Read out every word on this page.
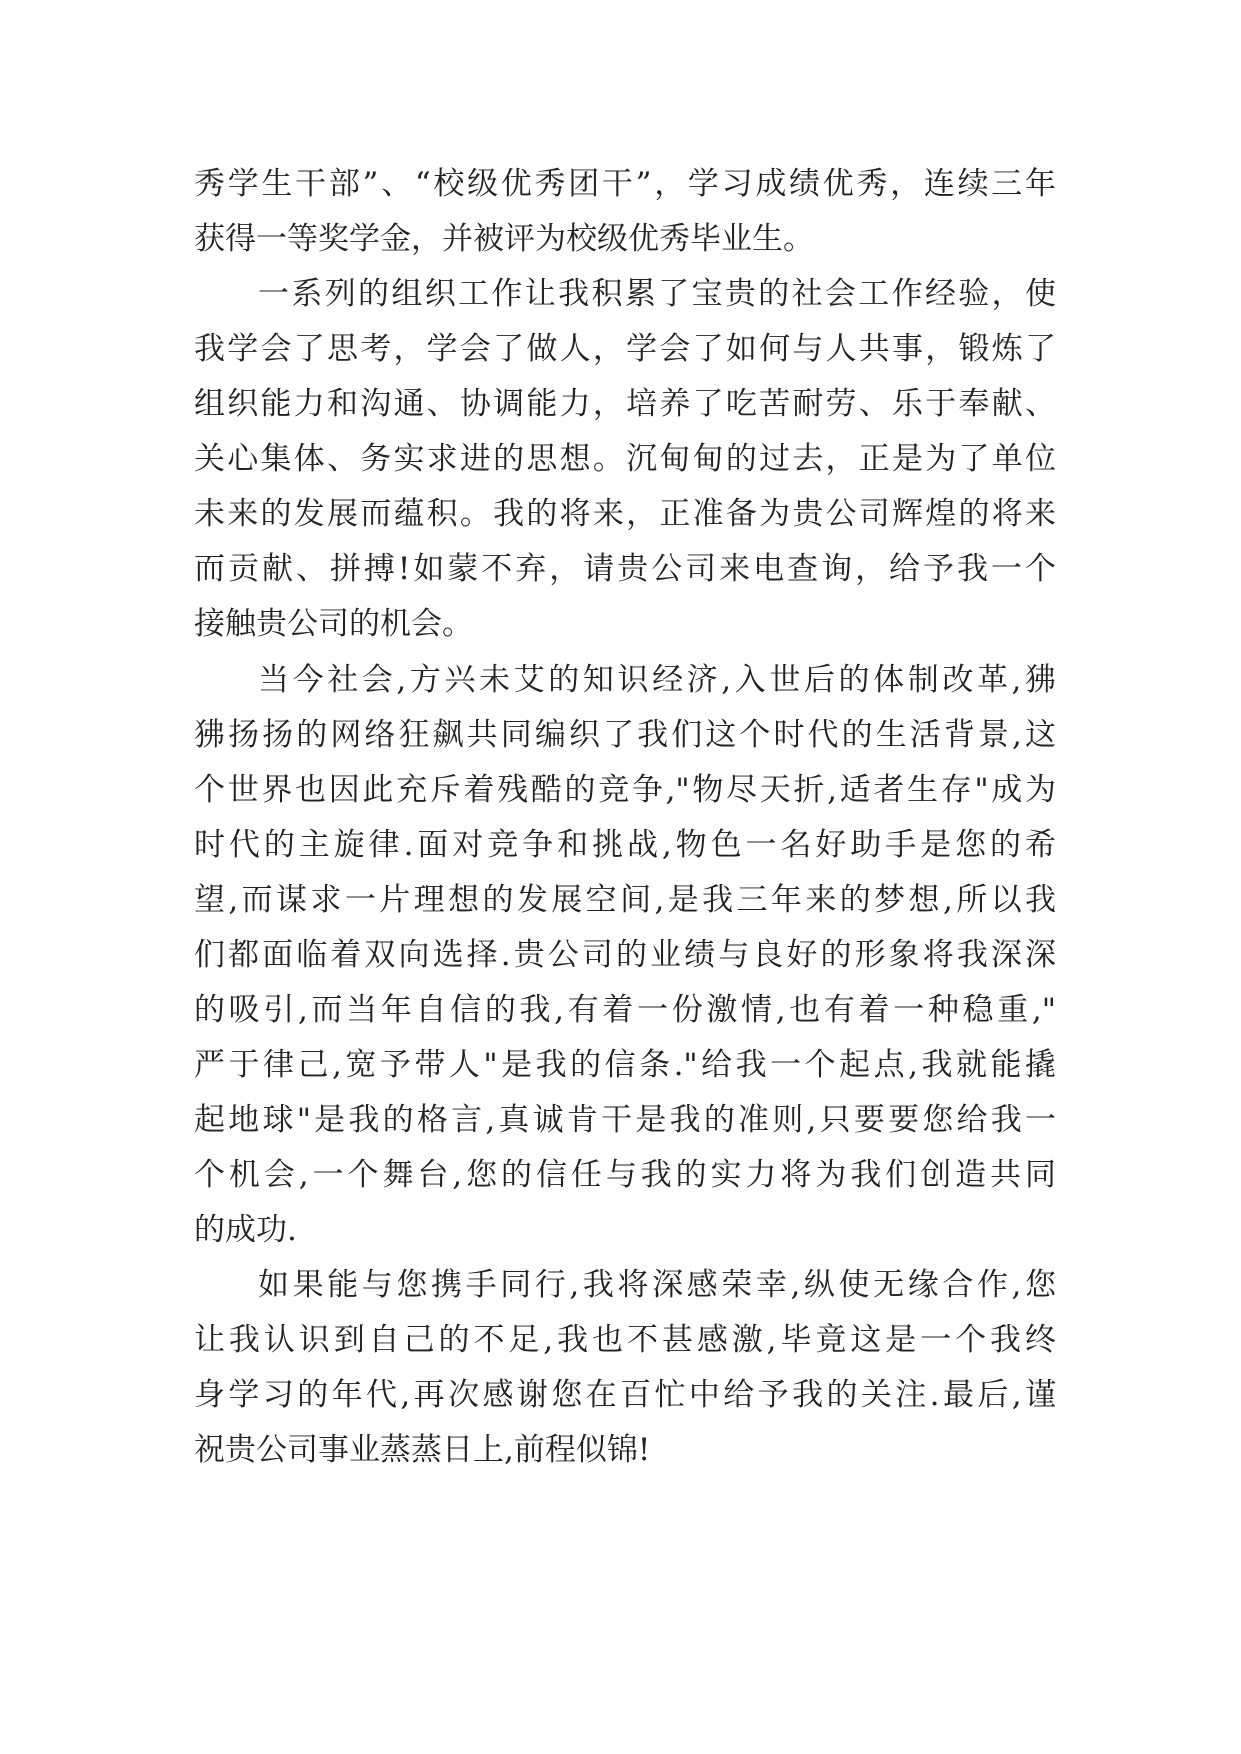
秀学生干部”、“校级优秀团干”，学习成绩优秀，连续三年
获得一等奖学金，并被评为校级优秀毕业生。
一系列的组织工作让我积累了宝贵的社会工作经验，使
我学会了思考，学会了做人，学会了如何与人共事，锻炼了
组织能力和沟通、协调能力，培养了吃苦耐劳、乐于奉献、
关心集体、务实求进的思想。沉甸甸的过去，正是为了单位
未来的发展而蕴积。我的将来，正准备为贵公司辉煌的将来
而贡献、拼搏!如蒙不弃，请贵公司来电查询，给予我一个
接触贵公司的机会。
当今社会,方兴未艾的知识经济,入世后的体制改革,狒
狒扬扬的网络狂飙共同编织了我们这个时代的生活背景,这
个世界也因此充斥着残酷的竞争,"物尽天折,适者生存"成为
时代的主旋律.面对竞争和挑战,物色一名好助手是您的希
望,而谋求一片理想的发展空间,是我三年来的梦想,所以我
们都面临着双向选择.贵公司的业绩与良好的形象将我深深
的吸引,而当年自信的我,有着一份激情,也有着一种稳重,"
严于律己,宽予带人"是我的信条."给我一个起点,我就能撬
起地球"是我的格言,真诚肯干是我的准则,只要要您给我一
个机会,一个舞台,您的信任与我的实力将为我们创造共同
的成功.
如果能与您携手同行,我将深感荣幸,纵使无缘合作,您
让我认识到自己的不足,我也不甚感激,毕竟这是一个我终
身学习的年代,再次感谢您在百忙中给予我的关注.最后,谨
祝贵公司事业蒸蒸日上,前程似锦!
